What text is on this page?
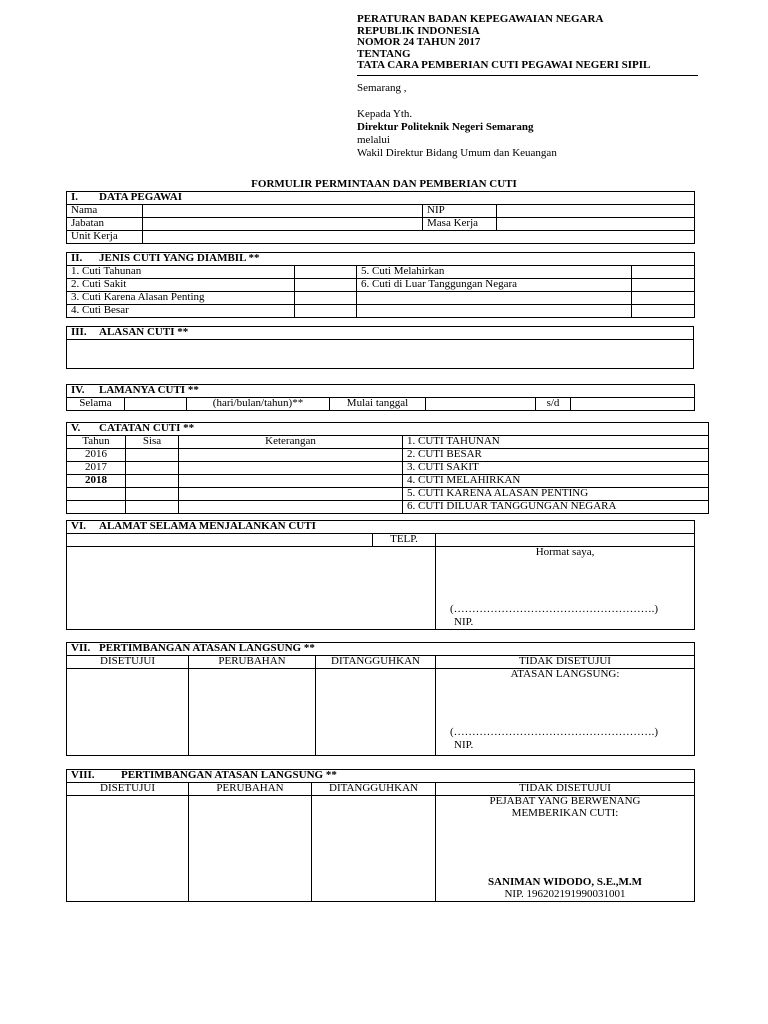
PERATURAN BADAN KEPEGAWAIAN NEGARA
REPUBLIK INDONESIA
NOMOR 24 TAHUN 2017
TENTANG
TATA CARA PEMBERIAN CUTI PEGAWAI NEGERI SIPIL
Semarang ,
Kepada Yth.
Direktur Politeknik Negeri Semarang
melalui
Wakil Direktur Bidang Umum dan Keuangan
FORMULIR PERMINTAAN DAN PEMBERIAN CUTI
I. DATA PEGAWAI			
Nama		NIP	
Jabatan		Masa Kerja	
Unit Kerja			
II. JENIS CUTI YANG DIAMBIL **			
1. Cuti Tahunan		5. Cuti Melahirkan	
2. Cuti Sakit		6. Cuti di Luar Tanggungan Negara	
3. Cuti Karena Alasan Penting			
4. Cuti Besar			
III. ALASAN CUTI **

IV. LAMANYA CUTI **
Selama		(hari/bulan/tahun)**	Mulai tanggal		s/d	
V. CATATAN CUTI **			
Tahun	Sisa	Keterangan	1. CUTI TAHUNAN
2016			2. CUTI BESAR
2017			3. CUTI SAKIT
2018			4. CUTI MELAHIRKAN
			5. CUTI KARENA ALASAN PENTING
			6. CUTI DILUAR TANGGUNGAN NEGARA
VI. ALAMAT SELAMA MENJALANKAN CUTI		
	TELP.	

		Hormat saya,
(……………………………………………….)
NIP.
VII. PERTIMBANGAN ATASAN LANGSUNG **			
DISETUJUI	PERUBAHAN	DITANGGUHKAN	TIDAK DISETUJUI

			ATASAN LANGSUNG:
(……………………………………………….)
NIP.
VIII. PERTIMBANGAN ATASAN LANGSUNG **			
DISETUJUI	PERUBAHAN	DITANGGUHKAN	TIDAK DISETUJUI

			PEJABAT YANG BERWENANG
MEMBERIKAN CUTI:
SANIMAN WIDODO, S.E.,M.M
NIP. 196202191990031001
